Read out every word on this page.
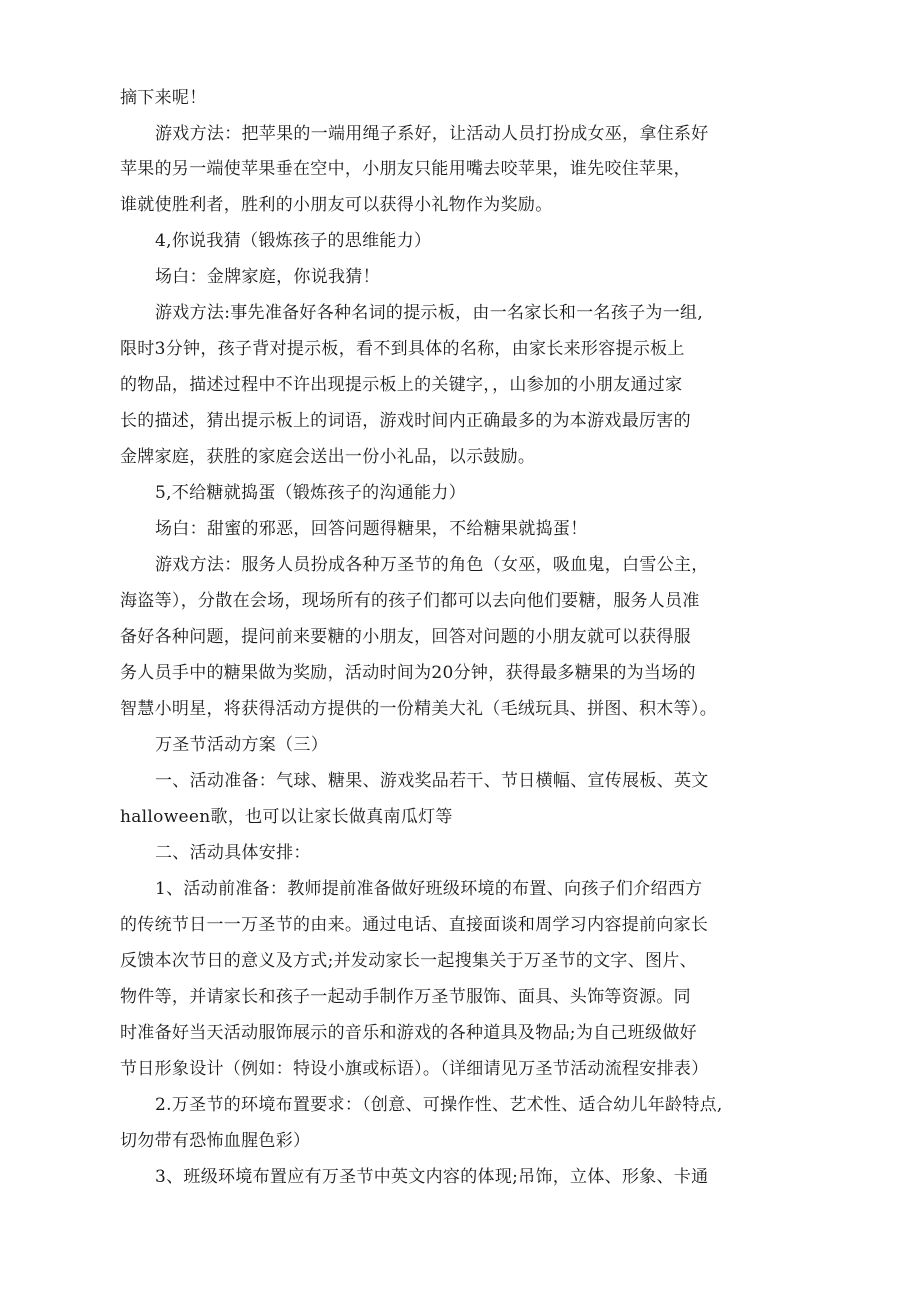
摘下来呢！
游戏方法：把苹果的一端用绳子系好，让活动人员打扮成女巫，拿住系好
苹果的另一端使苹果垂在空中，小朋友只能用嘴去咬苹果，谁先咬住苹果，
谁就使胜利者，胜利的小朋友可以获得小礼物作为奖励。
4,你说我猜（锻炼孩子的思维能力）
场白：金牌家庭，你说我猜！
游戏方法:事先准备好各种名词的提示板，由一名家长和一名孩子为一组,
限时3分钟，孩子背对提示板，看不到具体的名称，由家长来形容提示板上
的物品，描述过程中不许出现提示板上的关键字，，山参加的小朋友通过家
长的描述，猜出提示板上的词语，游戏时间内正确最多的为本游戏最厉害的
金牌家庭，获胜的家庭会送出一份小礼品，以示鼓励。
5,不给糖就捣蛋（锻炼孩子的沟通能力）
场白：甜蜜的邪恶，回答问题得糖果，不给糖果就捣蛋！
游戏方法：服务人员扮成各种万圣节的角色（女巫，吸血鬼，白雪公主，
海盗等），分散在会场，现场所有的孩子们都可以去向他们要糖，服务人员准
备好各种问题，提问前来要糖的小朋友，回答对问题的小朋友就可以获得服
务人员手中的糖果做为奖励，活动时间为20分钟，获得最多糖果的为当场的
智慧小明星，将获得活动方提供的一份精美大礼（毛绒玩具、拼图、积木等）。
万圣节活动方案（三）
一、活动准备：气球、糖果、游戏奖品若干、节日横幅、宣传展板、英文
halloween歌，也可以让家长做真南瓜灯等
二、活动具体安排：
1、活动前准备：教师提前准备做好班级环境的布置、向孩子们介绍西方
的传统节日一一万圣节的由来。通过电话、直接面谈和周学习内容提前向家长
反馈本次节日的意义及方式;并发动家长一起搜集关于万圣节的文字、图片、
物件等，并请家长和孩子一起动手制作万圣节服饰、面具、头饰等资源。同
时准备好当天活动服饰展示的音乐和游戏的各种道具及物品;为自己班级做好
节日形象设计（例如：特设小旗或标语）。（详细请见万圣节活动流程安排表）
2.万圣节的环境布置要求：（创意、可操作性、艺术性、适合幼儿年龄特点,
切勿带有恐怖血腥色彩）
3、班级环境布置应有万圣节中英文内容的体现;吊饰，立体、形象、卡通
